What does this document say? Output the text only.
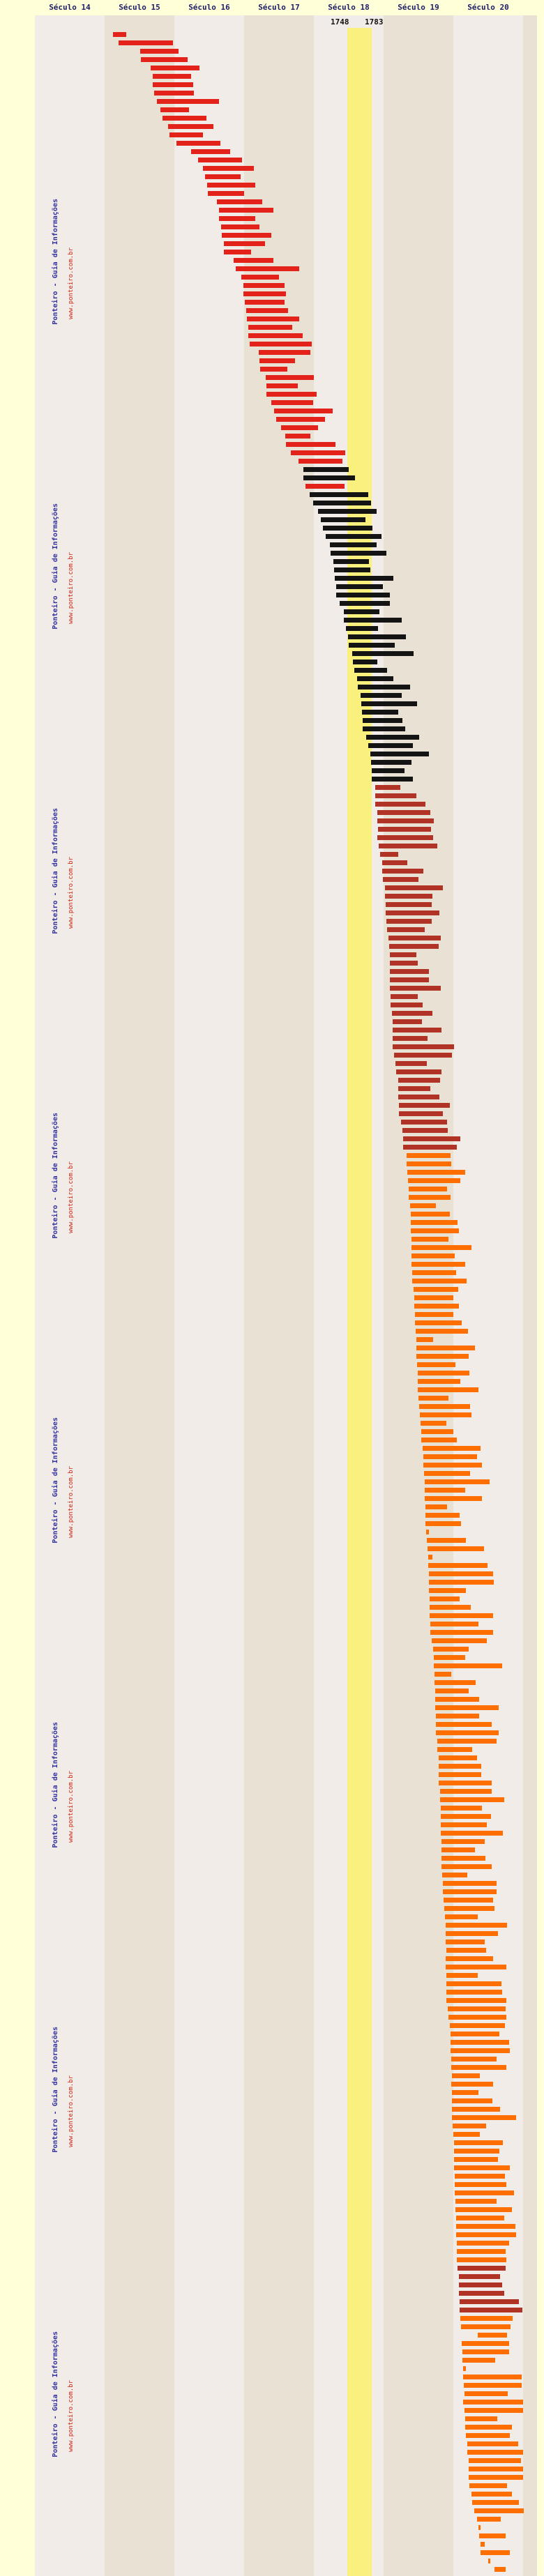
1748 1783
Século 14	Século 15	Século 16	Século 17	Século 18	Século 19	Século 20
Ponteiro - Guia de Informações www.ponteiro.com.br
Ponteiro - Guia de Informações www.ponteiro.com.br
Ponteiro - Guia de Informações www.ponteiro.com.br
Ponteiro - Guia de Informações www.ponteiro.com.br
Ponteiro - Guia de Informações www.ponteiro.com.br
Ponteiro - Guia de Informações www.ponteiro.com.br
Ponteiro - Guia de Informações www.ponteiro.com.br
Ponteiro - Guia de Informações www.ponteiro.com.br
